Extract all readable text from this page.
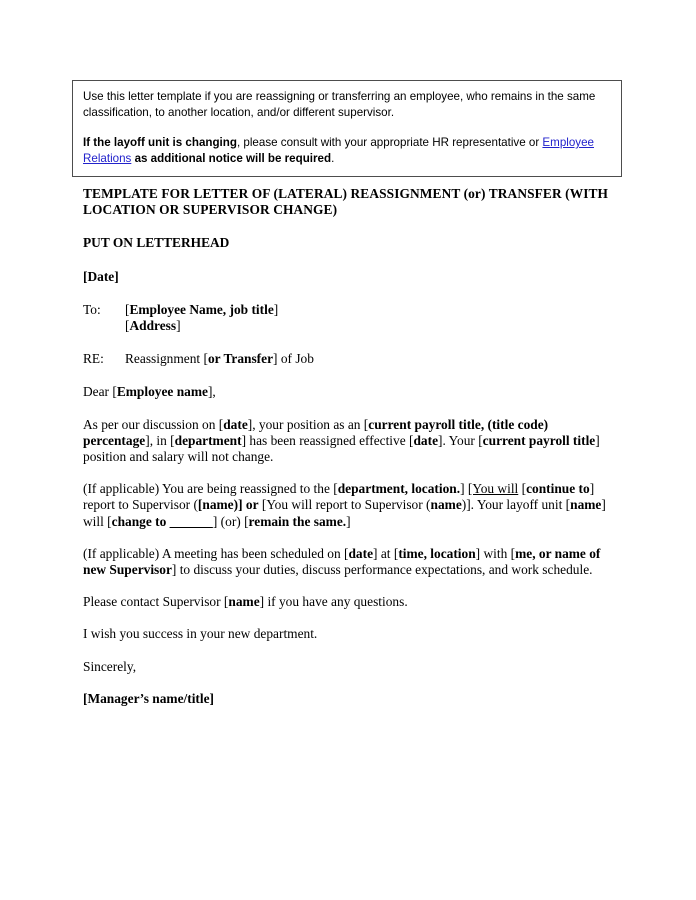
Use this letter template if you are reassigning or transferring an employee, who remains in the same classification, to another location, and/or different supervisor.

If the layoff unit is changing, please consult with your appropriate HR representative or Employee Relations as additional notice will be required.

TEMPLATE FOR LETTER OF (LATERAL) REASSIGNMENT (or) TRANSFER (WITH LOCATION OR SUPERVISOR CHANGE)

PUT ON LETTERHEAD

[Date]

To:	[Employee Name, job title]

[Address]

RE:	Reassignment [or Transfer] of Job

Dear [Employee name],

As per our discussion on [date], your position as an [current payroll title, (title code) percentage], in [department] has been reassigned effective [date]. Your [current payroll title] position and salary will not change.

(If applicable) You are being reassigned to the [department, location.] [You will [continue to] report to Supervisor ([name)] or [You will report to Supervisor (name)]. Your layoff unit [name] will [change to ______] (or) [remain the same.]

(If applicable) A meeting has been scheduled on [date] at [time, location] with [me, or name of new Supervisor] to discuss your duties, discuss performance expectations, and work schedule.

Please contact Supervisor [name] if you have any questions.

I wish you success in your new department.

Sincerely,

[Manager’s name/title]
